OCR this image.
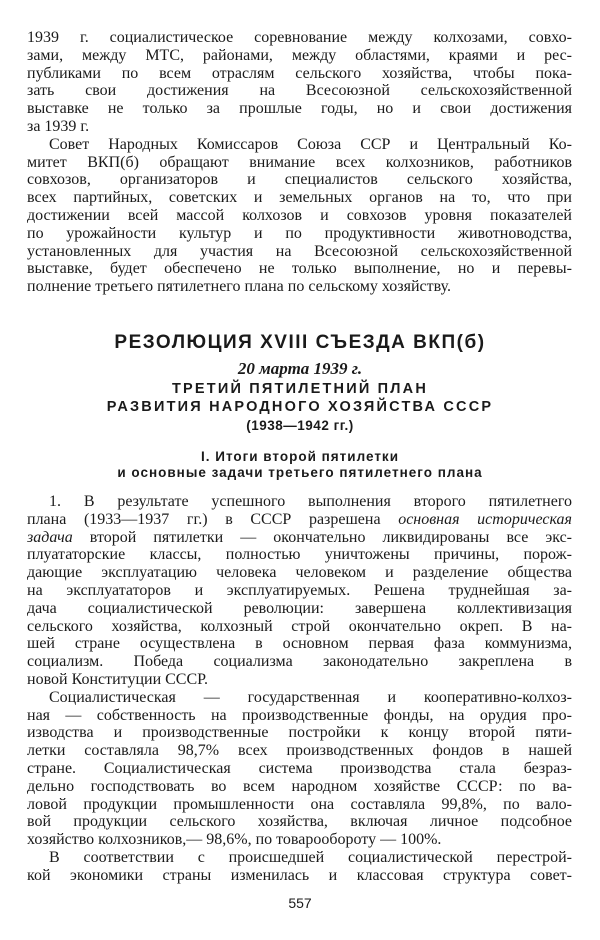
1939 г. социалистическое соревнование между колхозами, совхо-
зами, между МТС, районами, между областями, краями и рес-
публиками по всем отраслям сельского хозяйства, чтобы пока-
зать свои достижения на Всесоюзной сельскохозяйственной
выставке не только за прошлые годы, но и свои достижения
за 1939 г.
Совет Народных Комиссаров Союза ССР и Центральный Ко-
митет ВКП(б) обращают внимание всех колхозников, работников
совхозов, организаторов и специалистов сельского хозяйства,
всех партийных, советских и земельных органов на то, что при
достижении всей массой колхозов и совхозов уровня показателей
по урожайности культур и по продуктивности животноводства,
установленных для участия на Всесоюзной сельскохозяйственной
выставке, будет обеспечено не только выполнение, но и перевы-
полнение третьего пятилетнего плана по сельскому хозяйству.
РЕЗОЛЮЦИЯ XVIII СЪЕЗДА ВКП(б)
20 марта 1939 г.
ТРЕТИЙ ПЯТИЛЕТНИЙ ПЛАН
РАЗВИТИЯ НАРОДНОГО ХОЗЯЙСТВА СССР
(1938—1942 гг.)
I. Итоги второй пятилетки
и основные задачи третьего пятилетнего плана
1. В результате успешного выполнения второго пятилетнего
плана (1933—1937 гг.) в СССР разрешена основная историческая
задача второй пятилетки — окончательно ликвидированы все экс-
плуататорские классы, полностью уничтожены причины, порож-
дающие эксплуатацию человека человеком и разделение общества
на эксплуататоров и эксплуатируемых. Решена труднейшая за-
дача социалистической революции: завершена коллективизация
сельского хозяйства, колхозный строй окончательно окреп. В на-
шей стране осуществлена в основном первая фаза коммунизма,
социализм. Победа социализма законодательно закреплена в
новой Конституции СССР.
Социалистическая — государственная и кооперативно-колхоз-
ная — собственность на производственные фонды, на орудия про-
изводства и производственные постройки к концу второй пяти-
летки составляла 98,7% всех производственных фондов в нашей
стране. Социалистическая система производства стала безраз-
дельно господствовать во всем народном хозяйстве СССР: по ва-
ловой продукции промышленности она составляла 99,8%, по вало-
вой продукции сельского хозяйства, включая личное подсобное
хозяйство колхозников,— 98,6%, по товарообороту — 100%.
В соответствии с происшедшей социалистической перестрой-
кой экономики страны изменилась и классовая структура совет-
557
